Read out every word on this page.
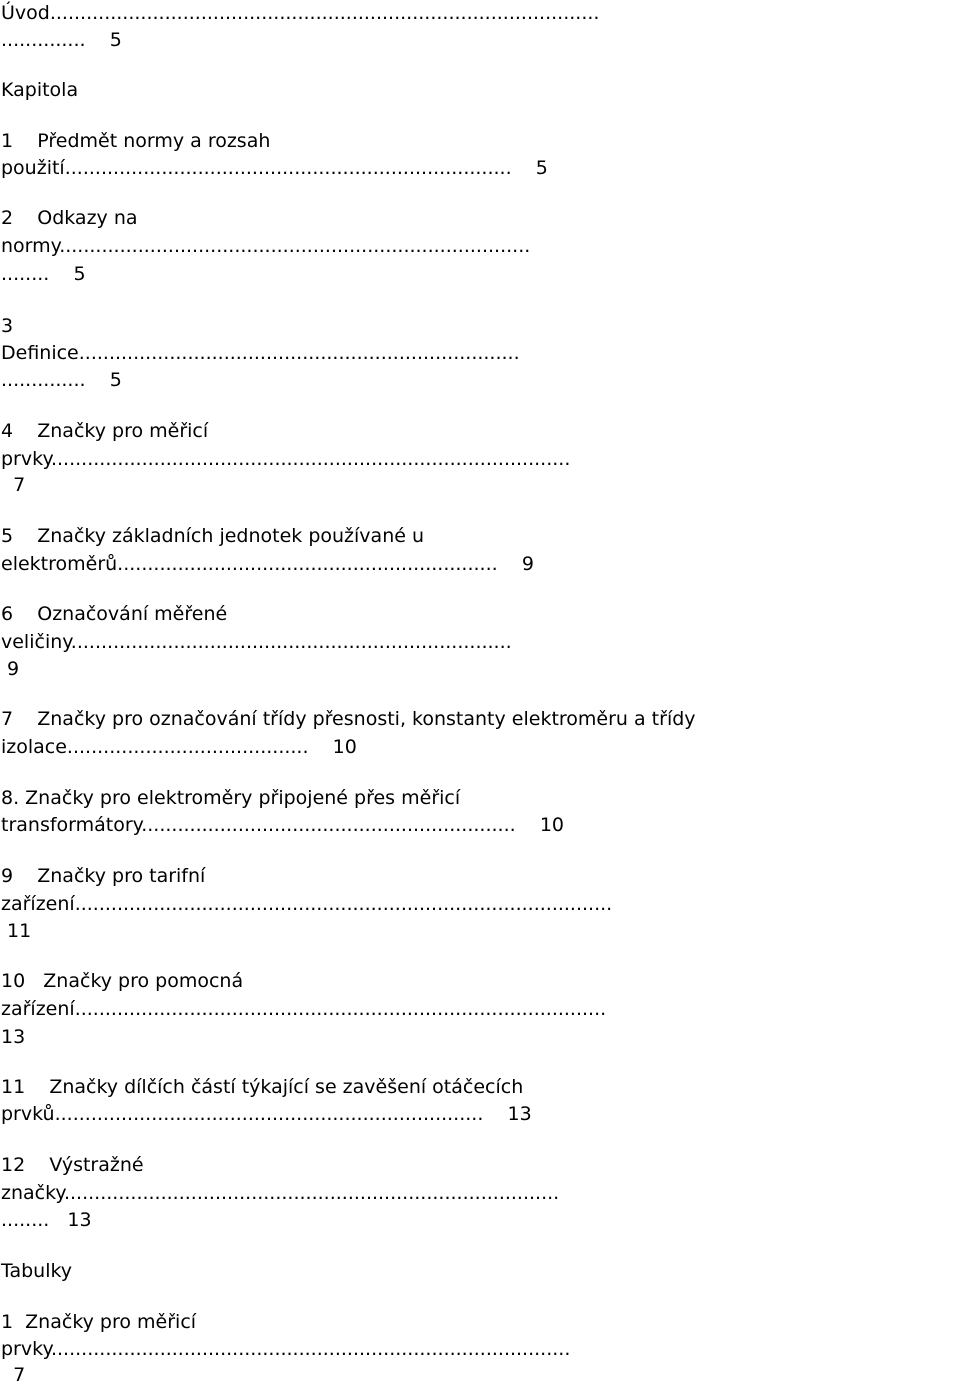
Úvod...........................................................................................
..............    5
Kapitola
1    Předmět normy a rozsah
použití..........................................................................    5
2    Odkazy na
normy..............................................................................
........    5
3
Definice.........................................................................
..............    5
4    Značky pro měřicí
prvky......................................................................................
7
5    Značky základních jednotek používané u
elektroměrů...............................................................    9
6    Označování měřené
veličiny.........................................................................
9
7    Značky pro označování třídy přesnosti, konstanty elektroměru a třídy
izolace........................................    10
8. Značky pro elektroměry připojené přes měřicí
transformátory..............................................................    10
9    Značky pro tarifní
zařízení.........................................................................................
11
10   Značky pro pomocná
zařízení........................................................................................
13
11    Značky dílčích částí týkající se zavěšení otáčecích
prvků.......................................................................    13
12    Výstražné
značky..................................................................................
........   13
Tabulky
1  Značky pro měřicí
prvky......................................................................................
7
